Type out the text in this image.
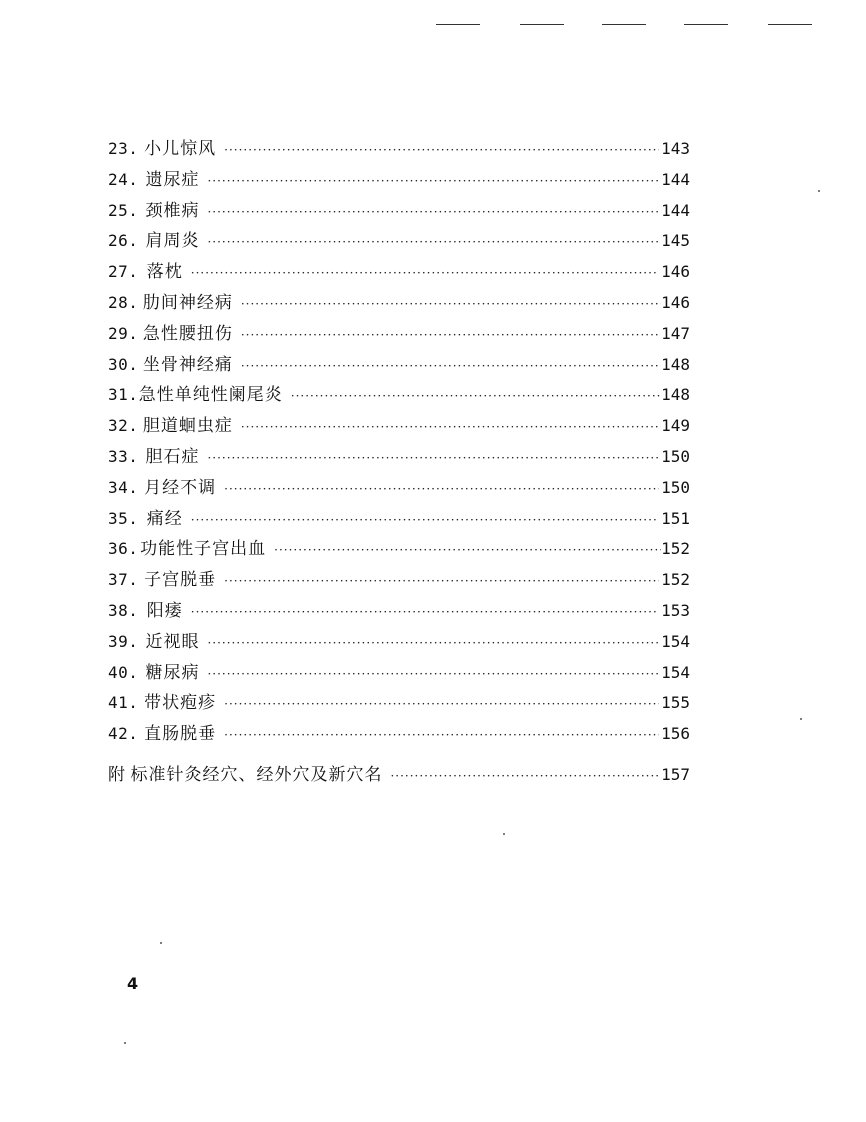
23. 小儿惊风 ·····	143
24. 遗尿症 ·····	144
25. 颈椎病 ·····	144
26. 肩周炎 ·····	145
27. 落枕 ·····	146
28. 肋间神经病 ·····	146
29. 急性腰扭伤 ·····	147
30. 坐骨神经痛 ·····	148
31. 急性单纯性阑尾炎 ·····	148
32. 胆道蛔虫症 ·····	149
33. 胆石症 ·····	150
34. 月经不调 ·····	150
35. 痛经 ·····	151
36. 功能性子宫出血 ·····	152
37. 子宫脱垂 ·····	152
38. 阳痿 ·····	153
39. 近视眼 ·····	154
40. 糖尿病 ·····	154
41. 带状疱疹 ·····	155
42. 直肠脱垂 ·····	156
附 标准针灸经穴、经外穴及新穴名 ·····	157
4
